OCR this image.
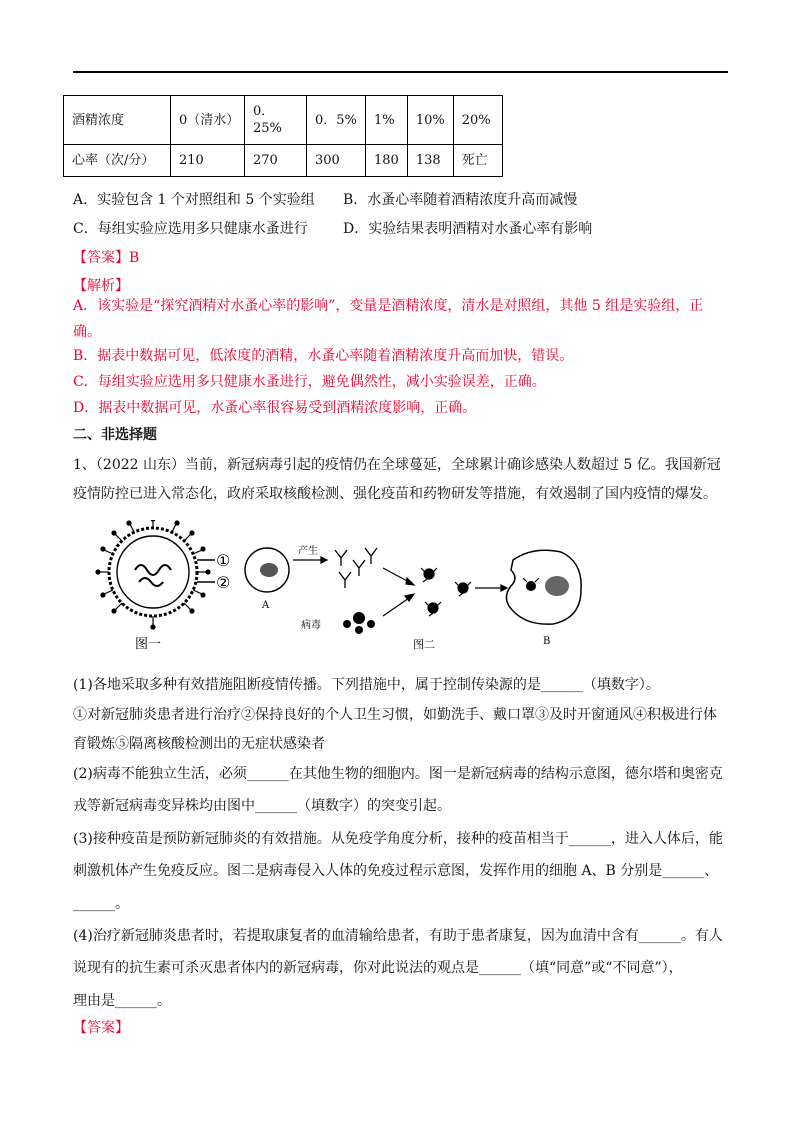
酒精浓度	0（清水）	0．25%	0．5%	1%	10%	20%
心率（次/分）	210	270	300	180	138	死亡
A．实验包含 1 个对照组和 5 个实验组 B．水蚤心率随着酒精浓度升高而减慢
C．每组实验应选用多只健康水蚤进行	D．实验结果表明酒精对水蚤心率有影响
【答案】B
【解析】
A．该实验是“探究酒精对水蚤心率的影响”，变量是酒精浓度，清水是对照组，其他 5 组是实验组，正
确。
B．据表中数据可见，低浓度的酒精，水蚤心率随着酒精浓度升高而加快，错误。
C．每组实验应选用多只健康水蚤进行，避免偶然性，减小实验误差，正确。
D．据表中数据可见，水蚤心率很容易受到酒精浓度影响，正确。
二、非选择题
1、（2022 山东）当前，新冠病毒引起的疫情仍在全球蔓延，全球累计确诊感染人数超过 5 亿。我国新冠
疫情防控已进入常态化，政府采取核酸检测、强化疫苗和药物研发等措施，有效遏制了国内疫情的爆发。
①
②
图一
A
产生
病毒
B
图二
(1)各地采取多种有效措施阻断疫情传播。下列措施中，属于控制传染源的是______（填数字）。
①对新冠肺炎患者进行治疗②保持良好的个人卫生习惯，如勤洗手、戴口罩③及时开窗通风④积极进行体
育锻炼⑤隔离核酸检测出的无症状感染者
(2)病毒不能独立生活，必须______在其他生物的细胞内。图一是新冠病毒的结构示意图，德尔塔和奥密克
戎等新冠病毒变异株均由图中______（填数字）的突变引起。
(3)接种疫苗是预防新冠肺炎的有效措施。从免疫学角度分析，接种的疫苗相当于______，进入人体后，能
刺激机体产生免疫反应。图二是病毒侵入人体的免疫过程示意图，发挥作用的细胞 A、B 分别是______、
______。
(4)治疗新冠肺炎患者时，若提取康复者的血清输给患者，有助于患者康复，因为血清中含有______。有人
说现有的抗生素可杀灭患者体内的新冠病毒，你对此说法的观点是______（填“同意”或“不同意”），
理由是______。
【答案】
